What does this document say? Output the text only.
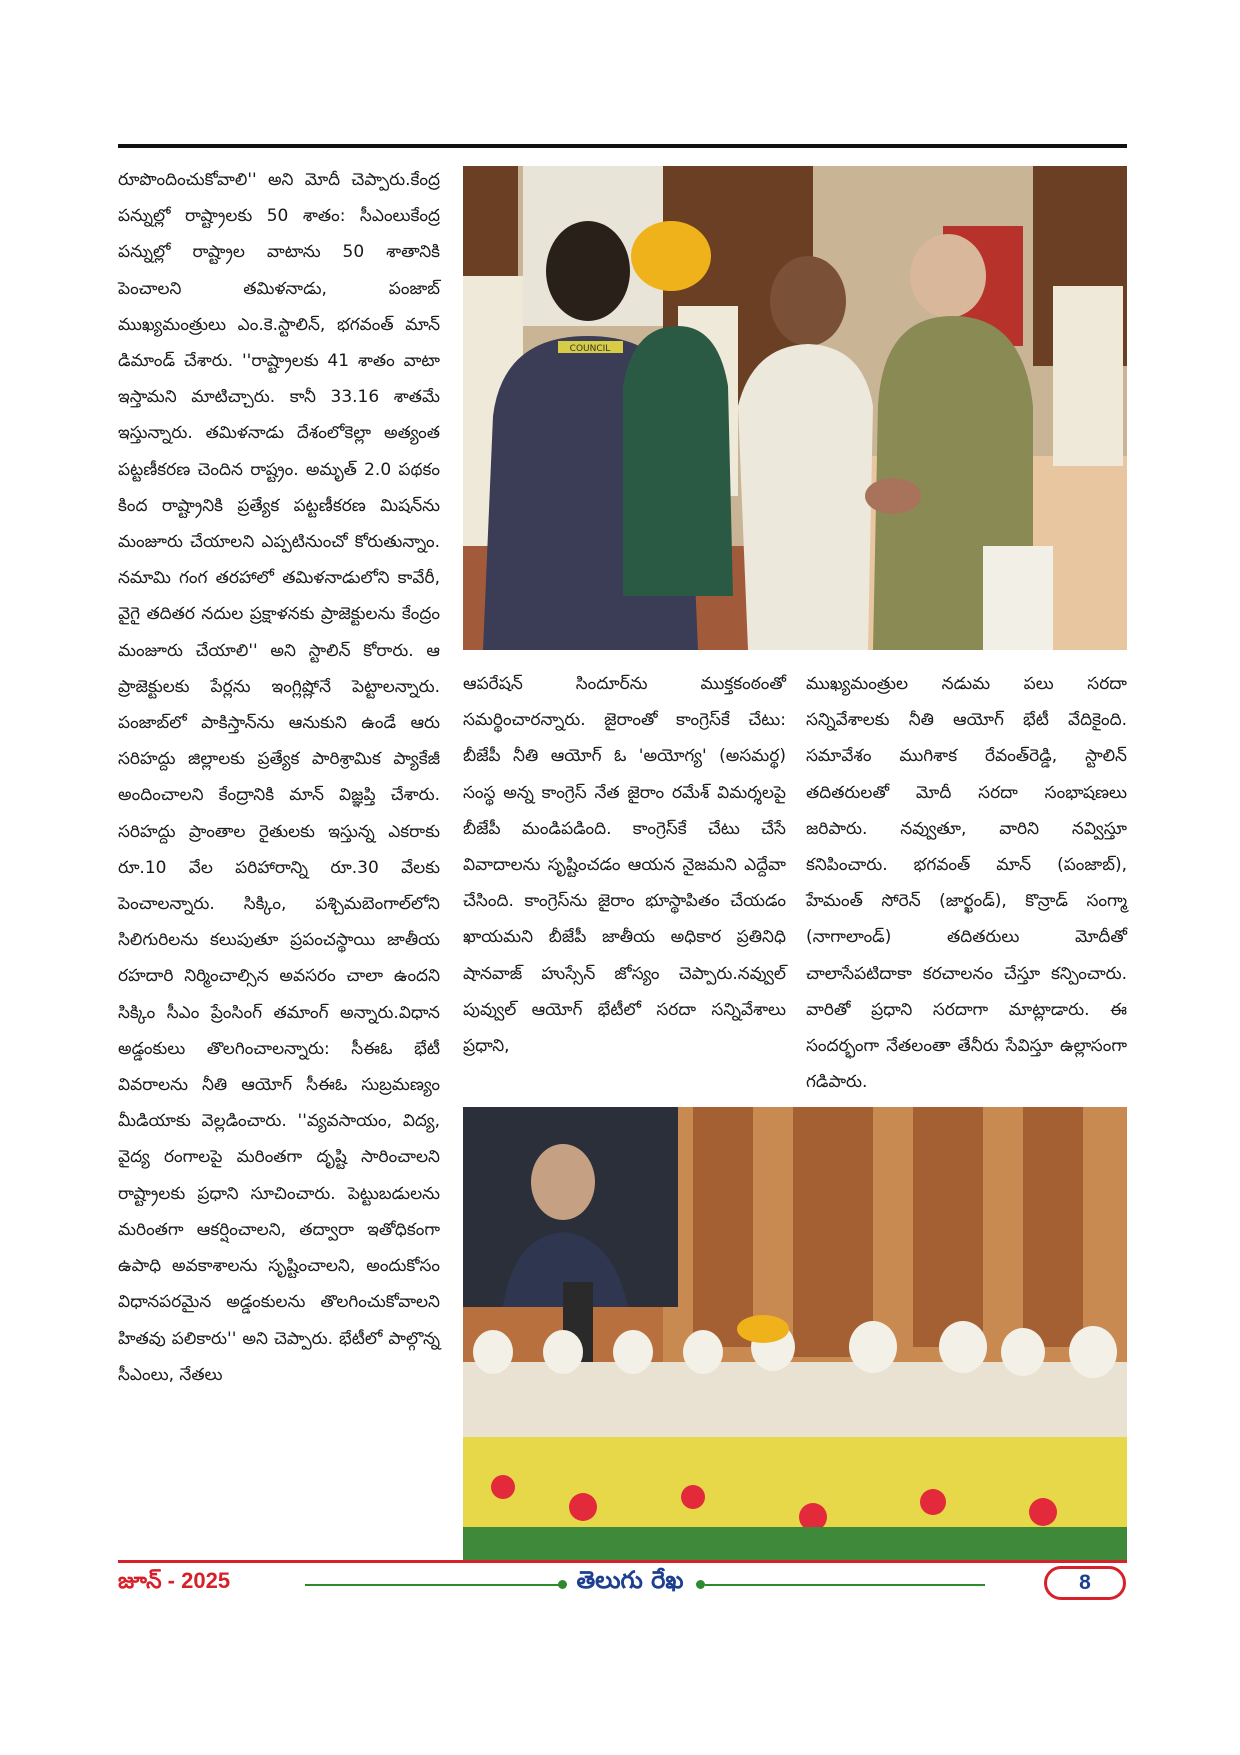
రూపొందించుకోవాలి'' అని మోదీ చెప్పారు.కేంద్ర పన్నుల్లో రాష్ట్రాలకు 50 శాతం: సీఎంలుకేంద్ర పన్నుల్లో రాష్ట్రాల వాటాను 50 శాతానికి పెంచాలని తమిళనాడు, పంజాబ్ ముఖ్యమంత్రులు ఎం.కె.స్టాలిన్, భగవంత్ మాన్ డిమాండ్ చేశారు. ''రాష్ట్రాలకు 41 శాతం వాటా ఇస్తామని మాటిచ్చారు. కానీ 33.16 శాతమే ఇస్తున్నారు. తమిళనాడు దేశంలోకెల్లా అత్యంత పట్టణీకరణ చెందిన రాష్ట్రం. అమృత్ 2.0 పథకం కింద రాష్ట్రానికి ప్రత్యేక పట్టణీకరణ మిషన్‌ను మంజూరు చేయాలని ఎప్పటినుంచో కోరుతున్నాం. నమామి గంగ తరహాలో తమిళనాడులోని కావేరీ, వైగై తదితర నదుల ప్రక్షాళనకు ప్రాజెక్టులను కేంద్రం మంజూరు చేయాలి'' అని స్టాలిన్ కోరారు. ఆ ప్రాజెక్టులకు పేర్లను ఇంగ్లిష్లోనే పెట్టాలన్నారు. పంజాబ్‌లో పాకిస్తాన్‌ను ఆనుకుని ఉండే ఆరు సరిహద్దు జిల్లాలకు ప్రత్యేక పారిశ్రామిక ప్యాకేజీ అందించాలని కేంద్రానికి మాన్ విజ్ఞప్తి చేశారు. సరిహద్దు ప్రాంతాల రైతులకు ఇస్తున్న ఎకరాకు రూ.10 వేల పరిహారాన్ని రూ.30 వేలకు పెంచాలన్నారు. సిక్కిం, పశ్చిమబెంగాల్‌లోని సిలిగురిలను కలుపుతూ ప్రపంచస్థాయి జాతీయ రహదారి నిర్మించాల్సిన అవసరం చాలా ఉందని సిక్కిం సీఎం ప్రేంసింగ్ తమాంగ్ అన్నారు.విధాన అడ్డంకులు తొలగించాలన్నారు: సీఈఓ భేటీ వివరాలను నీతి ఆయోగ్ సీఈఓ సుబ్రమణ్యం మీడియాకు వెల్లడించారు. ''వ్యవసాయం, విద్య, వైద్య రంగాలపై మరింతగా దృష్టి సారించాలని రాష్ట్రాలకు ప్రధాని సూచించారు. పెట్టుబడులను మరింతగా ఆకర్షించాలని, తద్వారా ఇతోధికంగా ఉపాధి అవకాశాలను సృష్టించాలని, అందుకోసం విధానపరమైన అడ్డంకులను తొలగించుకోవాలని హితవు పలికారు'' అని చెప్పారు. భేటీలో పాల్గొన్న సీఎంలు, నేతలు

COUNCIL

ఆపరేషన్ సిందూర్‌ను ముక్తకంఠంతో సమర్థించారన్నారు. జైరాంతో కాంగ్రెస్‌కే చేటు: బీజేపీ నీతి ఆయోగ్ ఓ 'అయోగ్య' (అసమర్థ) సంస్థ అన్న కాంగ్రెస్ నేత జైరాం రమేశ్ విమర్శలపై బీజేపీ మండిపడింది. కాంగ్రెస్‌కే చేటు చేసే వివాదాలను సృష్టించడం ఆయన నైజమని ఎద్దేవా చేసింది. కాంగ్రెస్‌ను జైరాం భూస్థాపితం చేయడం ఖాయమని బీజేపీ జాతీయ అధికార ప్రతినిధి షానవాజ్ హుస్సేన్ జోస్యం చెప్పారు.నవ్వుల్ పువ్వుల్ ఆయోగ్ భేటీలో సరదా సన్నివేశాలు ప్రధాని,

ముఖ్యమంత్రుల నడుమ పలు సరదా సన్నివేశాలకు నీతి ఆయోగ్ భేటీ వేదికైంది. సమావేశం ముగిశాక రేవంత్‌రెడ్డి, స్టాలిన్ తదితరులతో మోదీ సరదా సంభాషణలు జరిపారు. నవ్వుతూ, వారిని నవ్విస్తూ కనిపించారు. భగవంత్ మాన్ (పంజాబ్), హేమంత్ సోరెన్ (జార్ఖండ్), కొన్రాడ్ సంగ్మా (నాగాలాండ్) తదితరులు మోదీతో చాలాసేపటిదాకా కరచాలనం చేస్తూ కన్పించారు. వారితో ప్రధాని సరదాగా మాట్లాడారు. ఈ సందర్భంగా నేతలంతా తేనీరు సేవిస్తూ ఉల్లాసంగా గడిపారు.

జూన్ - 2025	తెలుగు రేఖ	8
